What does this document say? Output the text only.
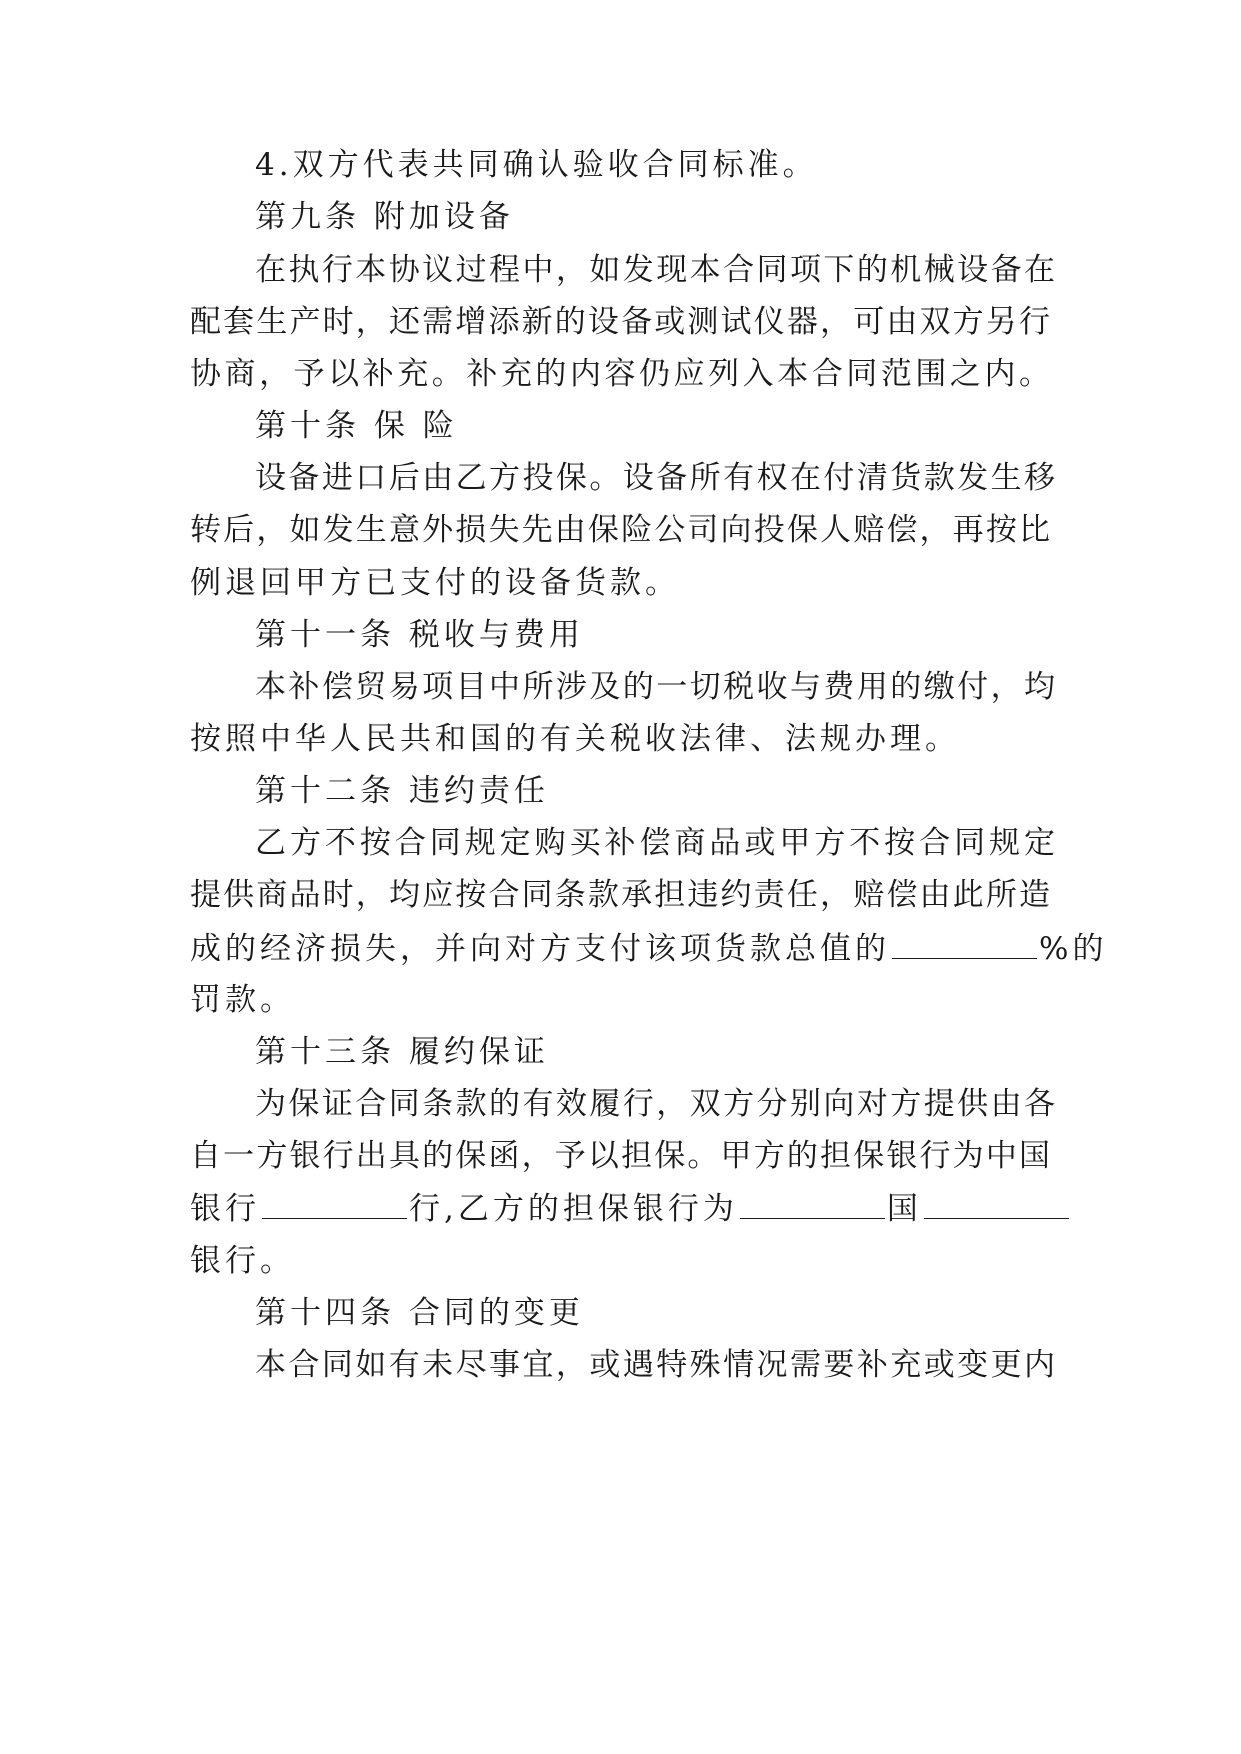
4.双方代表共同确认验收合同标准。
第九条 附加设备
在执行本协议过程中，如发现本合同项下的机械设备在
配套生产时，还需增添新的设备或测试仪器，可由双方另行
协商，予以补充。补充的内容仍应列入本合同范围之内。
第十条 保 险
设备进口后由乙方投保。设备所有权在付清货款发生移
转后，如发生意外损失先由保险公司向投保人赔偿，再按比
例退回甲方已支付的设备货款。
第十一条 税收与费用
本补偿贸易项目中所涉及的一切税收与费用的缴付，均
按照中华人民共和国的有关税收法律、法规办理。
第十二条 违约责任
乙方不按合同规定购买补偿商品或甲方不按合同规定
提供商品时，均应按合同条款承担违约责任，赔偿由此所造
成的经济损失，并向对方支付该项货款总值的	%的
罚款。
第十三条 履约保证
为保证合同条款的有效履行，双方分别向对方提供由各
自一方银行出具的保函，予以担保。甲方的担保银行为中国
银行	行,乙方的担保银行为	国
银行。
第十四条 合同的变更
本合同如有未尽事宜，或遇特殊情况需要补充或变更内
